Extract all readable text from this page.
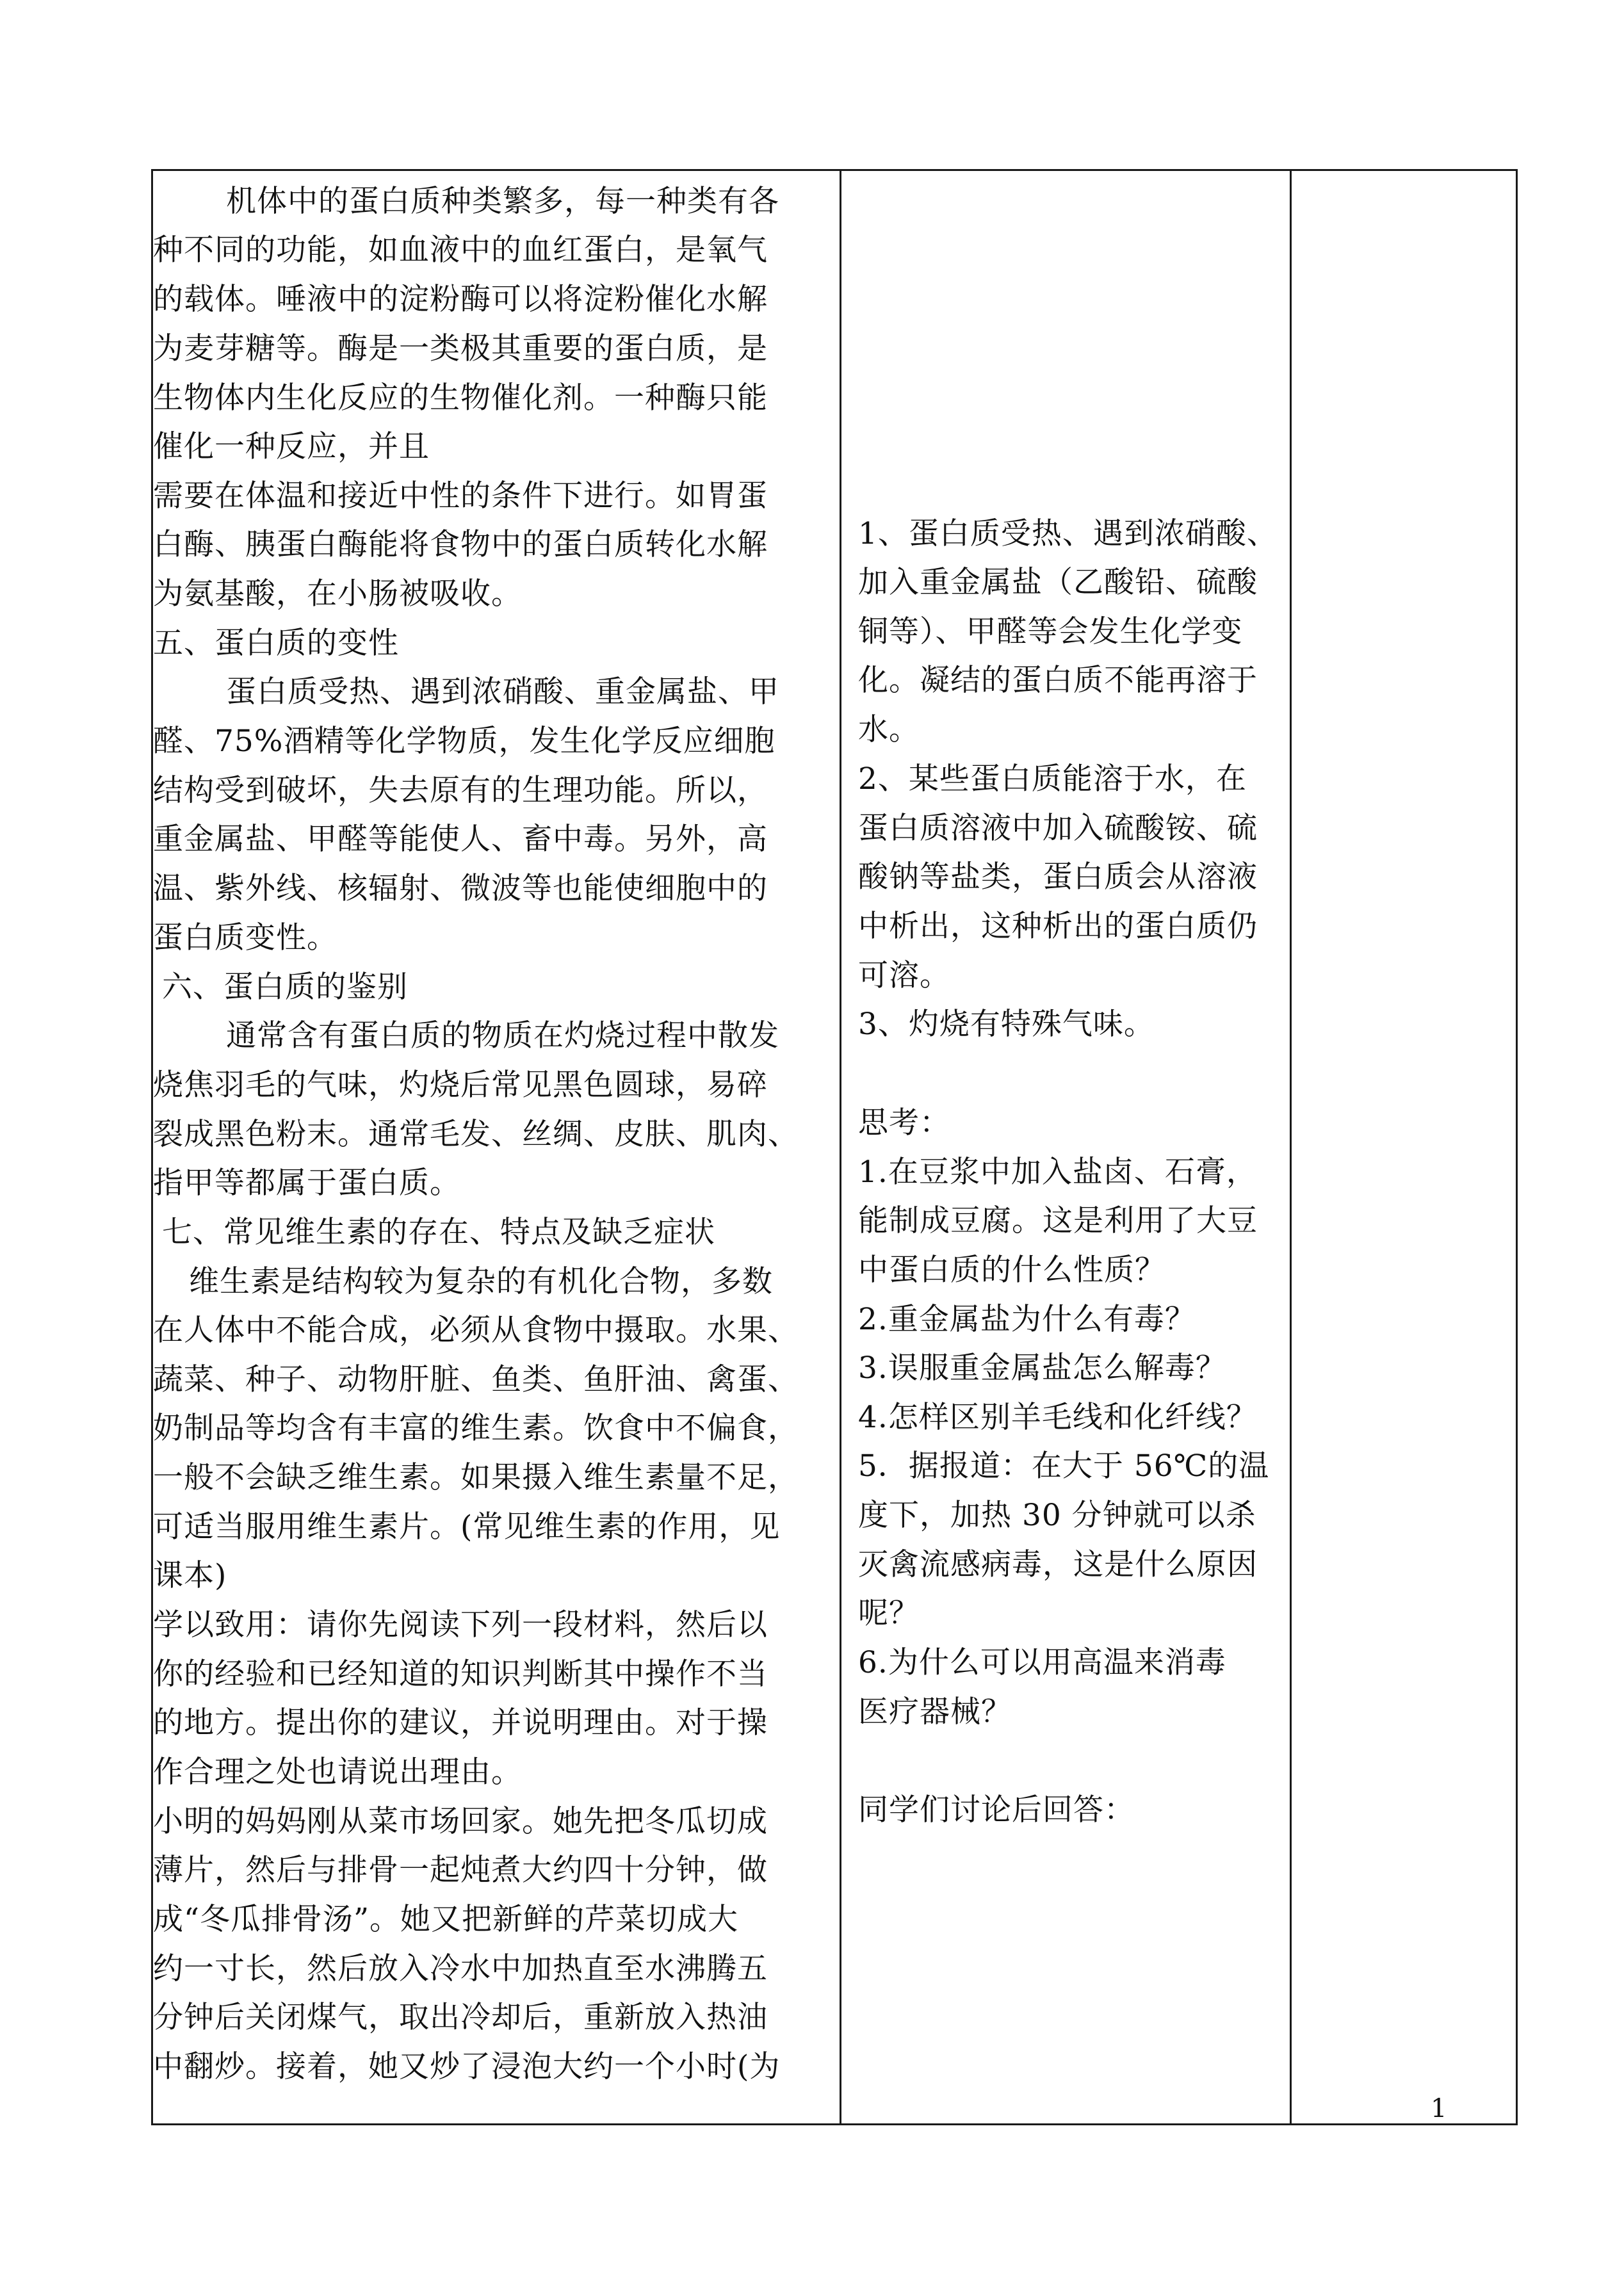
机体中的蛋白质种类繁多，每一种类有各
种不同的功能，如血液中的血红蛋白，是氧气
的载体。唾液中的淀粉酶可以将淀粉催化水解
为麦芽糖等。酶是一类极其重要的蛋白质，是
生物体内生化反应的生物催化剂。一种酶只能
催化一种反应，并且
需要在体温和接近中性的条件下进行。如胃蛋
白酶、胰蛋白酶能将食物中的蛋白质转化水解
为氨基酸，在小肠被吸收。
五、蛋白质的变性
蛋白质受热、遇到浓硝酸、重金属盐、甲
醛、75%酒精等化学物质，发生化学反应细胞
结构受到破坏，失去原有的生理功能。所以，
重金属盐、甲醛等能使人、畜中毒。另外，高
温、紫外线、核辐射、微波等也能使细胞中的
蛋白质变性。
六、蛋白质的鉴别
通常含有蛋白质的物质在灼烧过程中散发
烧焦羽毛的气味，灼烧后常见黑色圆球，易碎
裂成黑色粉末。通常毛发、丝绸、皮肤、肌肉、
指甲等都属于蛋白质。
七、常见维生素的存在、特点及缺乏症状
维生素是结构较为复杂的有机化合物，多数
在人体中不能合成，必须从食物中摄取。水果、
蔬菜、种子、动物肝脏、鱼类、鱼肝油、禽蛋、
奶制品等均含有丰富的维生素。饮食中不偏食，
一般不会缺乏维生素。如果摄入维生素量不足，
可适当服用维生素片。(常见维生素的作用，见
课本)
学以致用：请你先阅读下列一段材料，然后以
你的经验和已经知道的知识判断其中操作不当
的地方。提出你的建议，并说明理由。对于操
作合理之处也请说出理由。
小明的妈妈刚从菜市场回家。她先把冬瓜切成
薄片，然后与排骨一起炖煮大约四十分钟，做
成“冬瓜排骨汤”。她又把新鲜的芹菜切成大
约一寸长，然后放入冷水中加热直至水沸腾五
分钟后关闭煤气，取出冷却后，重新放入热油
中翻炒。接着，她又炒了浸泡大约一个小时(为

1、蛋白质受热、遇到浓硝酸、
加入重金属盐（乙酸铅、硫酸
铜等）、甲醛等会发生化学变
化。凝结的蛋白质不能再溶于
水。
2、某些蛋白质能溶于水，在
蛋白质溶液中加入硫酸铵、硫
酸钠等盐类，蛋白质会从溶液
中析出，这种析出的蛋白质仍
可溶。
3、灼烧有特殊气味。
思考：
1.在豆浆中加入盐卤、石膏，
能制成豆腐。这是利用了大豆
中蛋白质的什么性质？
2.重金属盐为什么有毒？
3.误服重金属盐怎么解毒？
4.怎样区别羊毛线和化纤线？
5．据报道：在大于 56℃的温
度下，加热 30 分钟就可以杀
灭禽流感病毒，这是什么原因
呢？
6.为什么可以用高温来消毒
医疗器械？
同学们讨论后回答：

1
